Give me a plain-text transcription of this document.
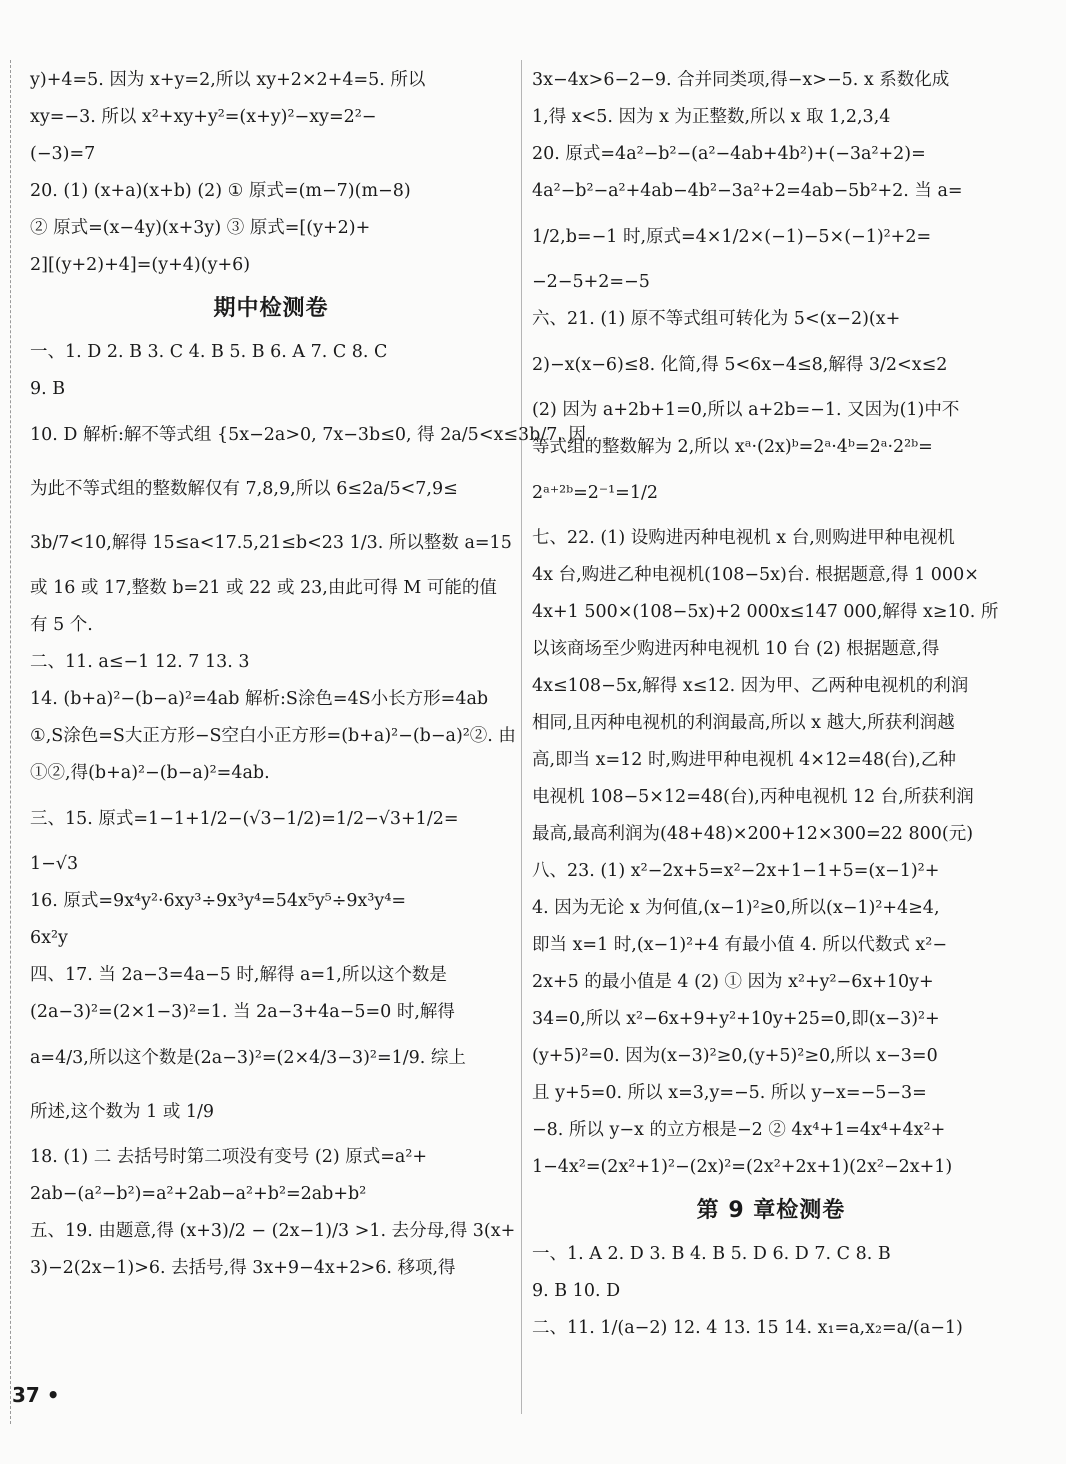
y)+4=5. 因为 x+y=2,所以 xy+2×2+4=5. 所以
xy=−3. 所以 x²+xy+y²=(x+y)²−xy=2²−
(−3)=7
20. (1) (x+a)(x+b) (2) ① 原式=(m−7)(m−8)
② 原式=(x−4y)(x+3y) ③ 原式=[(y+2)+
2][(y+2)+4]=(y+4)(y+6)
期中检测卷
一、1. D 2. B 3. C 4. B 5. B 6. A 7. C 8. C
9. B
10. D 解析:解不等式组 {5x−2a>0, 7x−3b≤0, 得 2a/5<x≤3b/7. 因
为此不等式组的整数解仅有 7,8,9,所以 6≤2a/5<7,9≤
3b/7<10,解得 15≤a<17.5,21≤b<23 1/3. 所以整数 a=15
或 16 或 17,整数 b=21 或 22 或 23,由此可得 M 可能的值
有 5 个.
二、11. a≤−1 12. 7 13. 3
14. (b+a)²−(b−a)²=4ab 解析:S涂色=4S小长方形=4ab
①,S涂色=S大正方形−S空白小正方形=(b+a)²−(b−a)²②. 由
①②,得(b+a)²−(b−a)²=4ab.
三、15. 原式=1−1+1/2−(√3−1/2)=1/2−√3+1/2=
1−√3
16. 原式=9x⁴y²·6xy³÷9x³y⁴=54x⁵y⁵÷9x³y⁴=
6x²y
四、17. 当 2a−3=4a−5 时,解得 a=1,所以这个数是
(2a−3)²=(2×1−3)²=1. 当 2a−3+4a−5=0 时,解得
a=4/3,所以这个数是(2a−3)²=(2×4/3−3)²=1/9. 综上
所述,这个数为 1 或 1/9
18. (1) 二 去括号时第二项没有变号 (2) 原式=a²+
2ab−(a²−b²)=a²+2ab−a²+b²=2ab+b²
五、19. 由题意,得 (x+3)/2 − (2x−1)/3 >1. 去分母,得 3(x+
3)−2(2x−1)>6. 去括号,得 3x+9−4x+2>6. 移项,得
3x−4x>6−2−9. 合并同类项,得−x>−5. x 系数化成
1,得 x<5. 因为 x 为正整数,所以 x 取 1,2,3,4
20. 原式=4a²−b²−(a²−4ab+4b²)+(−3a²+2)=
4a²−b²−a²+4ab−4b²−3a²+2=4ab−5b²+2. 当 a=
1/2,b=−1 时,原式=4×1/2×(−1)−5×(−1)²+2=
−2−5+2=−5
六、21. (1) 原不等式组可转化为 5<(x−2)(x+
2)−x(x−6)≤8. 化简,得 5<6x−4≤8,解得 3/2<x≤2
(2) 因为 a+2b+1=0,所以 a+2b=−1. 又因为(1)中不
等式组的整数解为 2,所以 xᵃ·(2x)ᵇ=2ᵃ·4ᵇ=2ᵃ·2²ᵇ=
2ᵃ⁺²ᵇ=2⁻¹=1/2
七、22. (1) 设购进丙种电视机 x 台,则购进甲种电视机
4x 台,购进乙种电视机(108−5x)台. 根据题意,得 1 000×
4x+1 500×(108−5x)+2 000x≤147 000,解得 x≥10. 所
以该商场至少购进丙种电视机 10 台 (2) 根据题意,得
4x≤108−5x,解得 x≤12. 因为甲、乙两种电视机的利润
相同,且丙种电视机的利润最高,所以 x 越大,所获利润越
高,即当 x=12 时,购进甲种电视机 4×12=48(台),乙种
电视机 108−5×12=48(台),丙种电视机 12 台,所获利润
最高,最高利润为(48+48)×200+12×300=22 800(元)
八、23. (1) x²−2x+5=x²−2x+1−1+5=(x−1)²+
4. 因为无论 x 为何值,(x−1)²≥0,所以(x−1)²+4≥4,
即当 x=1 时,(x−1)²+4 有最小值 4. 所以代数式 x²−
2x+5 的最小值是 4 (2) ① 因为 x²+y²−6x+10y+
34=0,所以 x²−6x+9+y²+10y+25=0,即(x−3)²+
(y+5)²=0. 因为(x−3)²≥0,(y+5)²≥0,所以 x−3=0
且 y+5=0. 所以 x=3,y=−5. 所以 y−x=−5−3=
−8. 所以 y−x 的立方根是−2 ② 4x⁴+1=4x⁴+4x²+
1−4x²=(2x²+1)²−(2x)²=(2x²+2x+1)(2x²−2x+1)
第 9 章检测卷
一、1. A 2. D 3. B 4. B 5. D 6. D 7. C 8. B
9. B 10. D
二、11. 1/(a−2) 12. 4 13. 15 14. x₁=a,x₂=a/(a−1)
37 •
